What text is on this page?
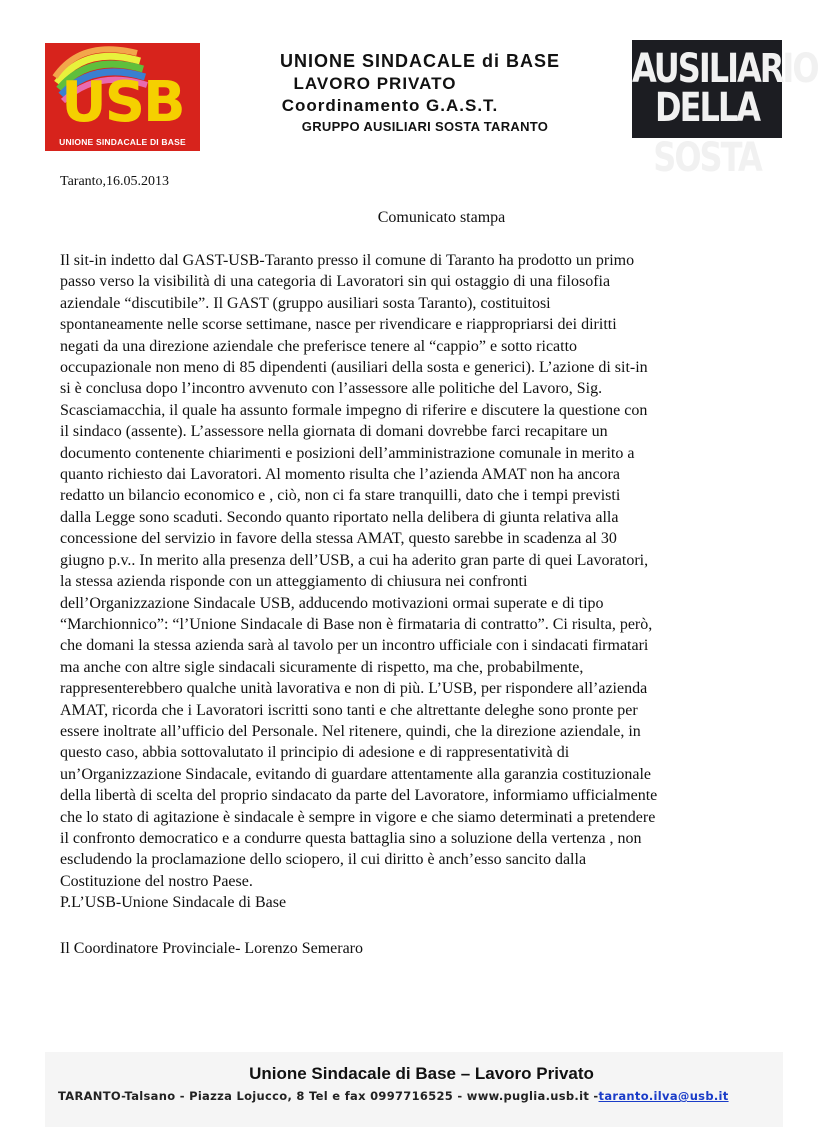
USB
UNIONE SINDACALE DI BASE
UNIONE SINDACALE di BASE
LAVORO PRIVATO
Coordinamento G.A.S.T.
GRUPPO AUSILIARI SOSTA TARANTO
AUSILIARIO
DELLA SOSTA
Taranto,16.05.2013
Comunicato stampa
Il sit-in indetto dal GAST-USB-Taranto presso il comune di Taranto ha prodotto un primo
passo verso la visibilità di una categoria di Lavoratori sin qui ostaggio di una filosofia
aziendale “discutibile”. Il GAST (gruppo ausiliari sosta Taranto), costituitosi
spontaneamente nelle scorse settimane, nasce per rivendicare e riappropriarsi dei diritti
negati da una direzione aziendale che preferisce tenere al “cappio” e sotto ricatto
occupazionale non meno di 85 dipendenti (ausiliari della sosta e generici). L’azione di sit-in
si è conclusa dopo l’incontro avvenuto con l’assessore alle politiche del Lavoro, Sig.
Scasciamacchia, il quale ha assunto formale impegno di riferire e discutere la questione con
il sindaco (assente). L’assessore nella giornata di domani dovrebbe farci recapitare un
documento contenente chiarimenti e posizioni dell’amministrazione comunale in merito a
quanto richiesto dai Lavoratori. Al momento risulta che l’azienda AMAT non ha ancora
redatto un bilancio economico e , ciò, non ci fa stare tranquilli, dato che i tempi previsti
dalla Legge sono scaduti. Secondo quanto riportato nella delibera di giunta relativa alla
concessione del servizio in favore della stessa AMAT, questo sarebbe in scadenza al 30
giugno p.v.. In merito alla presenza dell’USB, a cui ha aderito gran parte di quei Lavoratori,
la stessa azienda risponde con un atteggiamento di chiusura nei confronti
dell’Organizzazione Sindacale USB, adducendo motivazioni ormai superate e di tipo
“Marchionnico”: “l’Unione Sindacale di Base non è firmataria di contratto”. Ci risulta, però,
che domani la stessa azienda sarà al tavolo per un incontro ufficiale con i sindacati firmatari
ma anche con altre sigle sindacali sicuramente di rispetto, ma che, probabilmente,
rappresenterebbero qualche unità lavorativa e non di più. L’USB, per rispondere all’azienda
AMAT, ricorda che i Lavoratori iscritti sono tanti e che altrettante deleghe sono pronte per
essere inoltrate all’ufficio del Personale. Nel ritenere, quindi, che la direzione aziendale, in
questo caso, abbia sottovalutato il principio di adesione e di rappresentatività di
un’Organizzazione Sindacale, evitando di guardare attentamente alla garanzia costituzionale
della libertà di scelta del proprio sindacato da parte del Lavoratore, informiamo ufficialmente
che lo stato di agitazione è sindacale è sempre in vigore e che siamo determinati a pretendere
il confronto democratico e a condurre questa battaglia sino a soluzione della vertenza , non
escludendo la proclamazione dello sciopero, il cui diritto è anch’esso sancito dalla
Costituzione del nostro Paese.
P.L’USB-Unione Sindacale di Base
Il Coordinatore Provinciale- Lorenzo Semeraro
Unione Sindacale di Base – Lavoro Privato
TARANTO-Talsano - Piazza Lojucco, 8 Tel e fax 0997716525 - www.puglia.usb.it -taranto.ilva@usb.it
